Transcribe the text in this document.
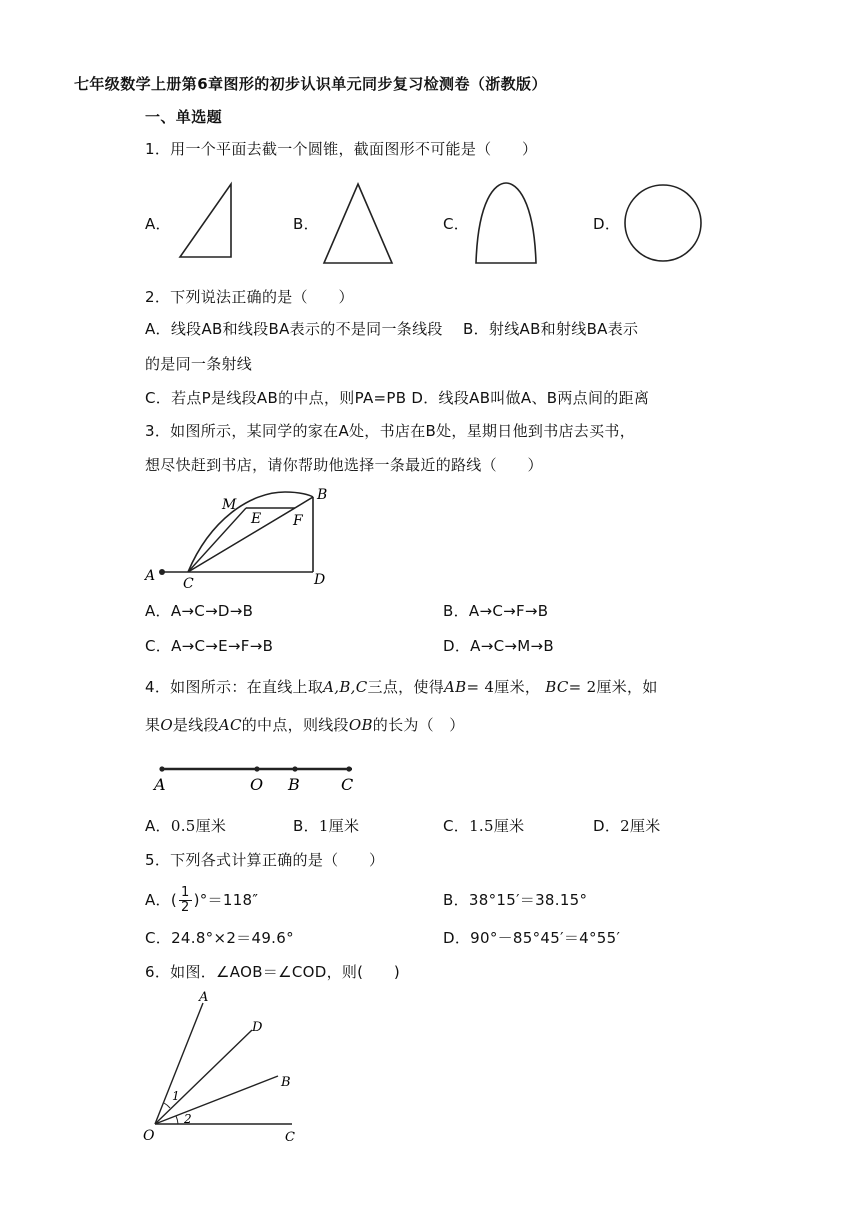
七年级数学上册第6章图形的初步认识单元同步复习检测卷（浙教版）
一、单选题
1．用一个平面去截一个圆锥，截面图形不可能是（　　）
A．	B．	C．	D．
2．下列说法正确的是（　　）
A．线段AB和线段BA表示的不是同一条线段　 B．射线AB和射线BA表示
的是同一条射线
C．若点P是线段AB的中点，则PA=PB D．线段AB叫做A、B两点间的距离
3．如图所示，某同学的家在A处，书店在B处，星期日他到书店去买书，
想尽快赶到书店，请你帮助他选择一条最近的路线（　　）
A C	D
B
M
E F
A．A→C→D→B	B．A→C→F→B
C．A→C→E→F→B	D．A→C→M→B
4．如图所示：在直线上取A,B,C三点，使得AB= 4厘米， BC= 2厘米，如
果O是线段AC的中点，则线段OB的长为（　）
A	O B	C
A．0.5厘米	B．1厘米	C．1.5厘米	D．2厘米
5．下列各式计算正确的是（　　）
A．( $\frac{1}{2} )^\circ=118''$	B．38°15′＝38.15°
C．24.8°×2＝49.6°	D．90°－85°45′＝4°55′
6．如图．∠AOB＝∠COD，则(　　)
A
D
B
O	C
1
2
